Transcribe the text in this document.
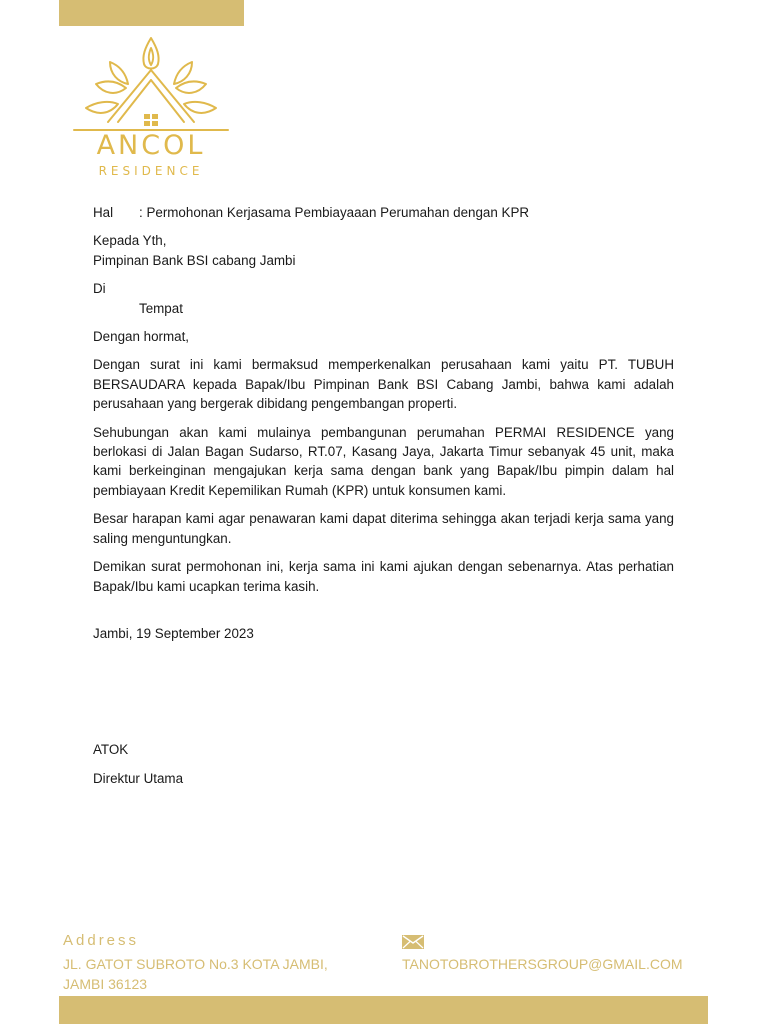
ANCOL
RESIDENCE
Hal	: Permohonan Kerjasama Pembiayaaan Perumahan dengan KPR
Kepada Yth,
Pimpinan Bank BSI cabang Jambi
Di
Tempat
Dengan hormat,
Dengan surat ini kami bermaksud memperkenalkan perusahaan kami yaitu PT. TUBUH BERSAUDARA kepada Bapak/Ibu Pimpinan Bank BSI Cabang Jambi, bahwa kami adalah perusahaan yang bergerak dibidang pengembangan properti.
Sehubungan akan kami mulainya pembangunan perumahan PERMAI RESIDENCE yang berlokasi di Jalan Bagan Sudarso, RT.07, Kasang Jaya, Jakarta Timur sebanyak 45 unit, maka kami berkeinginan mengajukan kerja sama dengan bank yang Bapak/Ibu pimpin dalam hal pembiayaan Kredit Kepemilikan Rumah (KPR) untuk konsumen kami.
Besar harapan kami agar penawaran kami dapat diterima sehingga akan terjadi kerja sama yang saling menguntungkan.
Demikan surat permohonan ini, kerja sama ini kami ajukan dengan sebenarnya. Atas perhatian Bapak/Ibu kami ucapkan terima kasih.
Jambi, 19 September 2023
ATOK
Direktur Utama
Address
JL. GATOT SUBROTO No.3 KOTA JAMBI,
JAMBI 36123
TANOTOBROTHERSGROUP@GMAIL.COM
